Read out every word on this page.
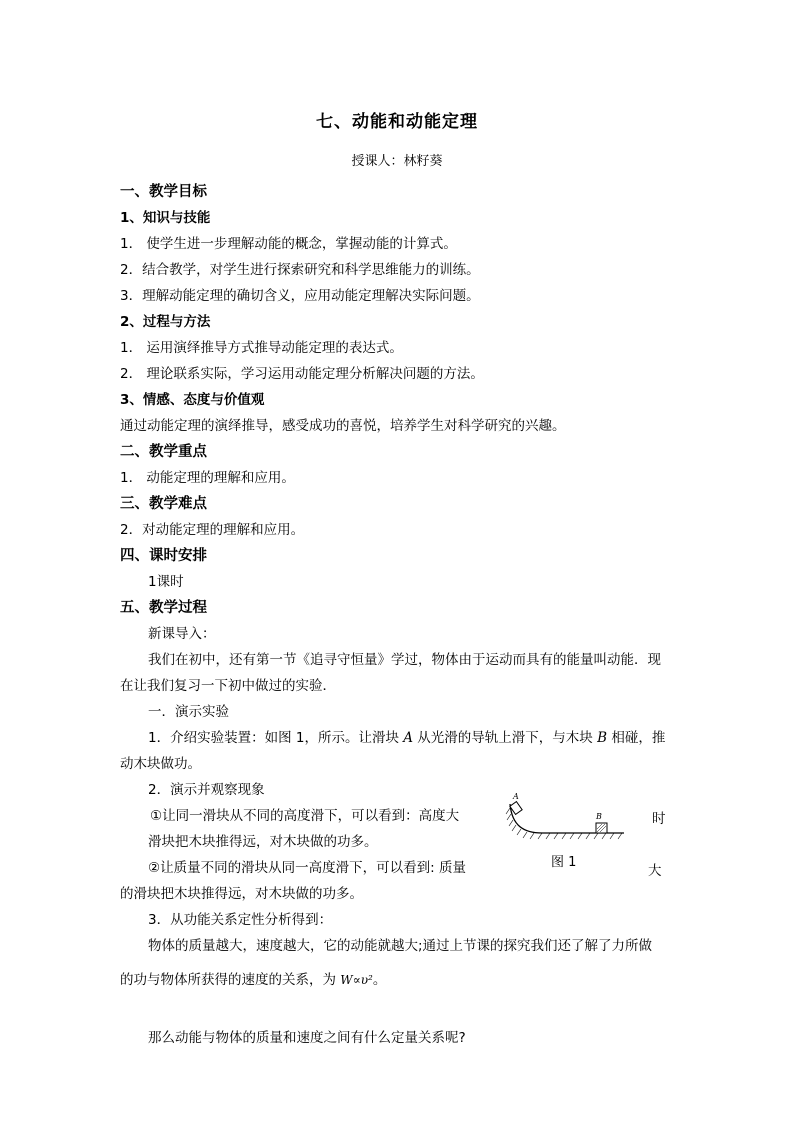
七、动能和动能定理
授课人：林籽葵
一、教学目标
1、知识与技能
1． 使学生进一步理解动能的概念，掌握动能的计算式。
2．结合教学，对学生进行探索研究和科学思维能力的训练。
3．理解动能定理的确切含义，应用动能定理解决实际问题。
2、过程与方法
1． 运用演绎推导方式推导动能定理的表达式。
2． 理论联系实际，学习运用动能定理分析解决问题的方法。
3、情感、态度与价值观
通过动能定理的演绎推导，感受成功的喜悦，培养学生对科学研究的兴趣。
二、教学重点
1． 动能定理的理解和应用。
三、教学难点
2．对动能定理的理解和应用。
四、课时安排
1课时
五、教学过程
新课导入：
我们在初中，还有第一节《追寻守恒量》学过，物体由于运动而具有的能量叫动能．现
在让我们复习一下初中做过的实验．
一．演示实验
1．介绍实验装置：如图 1，所示。让滑块 A 从光滑的导轨上滑下，与木块 B 相碰，推
动木块做功。
2．演示并观察现象
①让同一滑块从不同的高度滑下，可以看到：高度大	时
滑块把木块推得远，对木块做的功多。
②让质量不同的滑块从同一高度滑下，可以看到: 质量	大
的滑块把木块推得远，对木块做的功多。
3．从功能关系定性分析得到：
物体的质量越大，速度越大，它的动能就越大;通过上节课的探究我们还了解了力所做
的功与物体所获得的速度的关系，为 W∝υ²。
那么动能与物体的质量和速度之间有什么定量关系呢?
A
B
图 1
